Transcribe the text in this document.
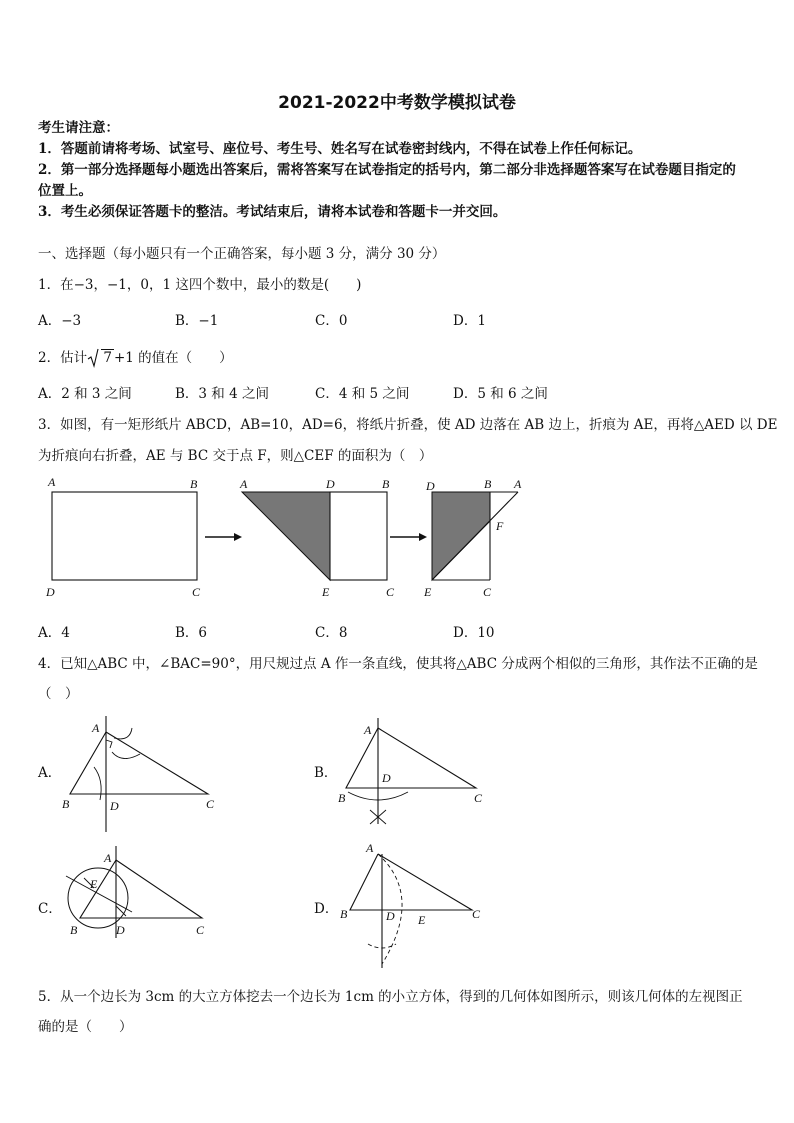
2021-2022中考数学模拟试卷
考生请注意：
1．答题前请将考场、试室号、座位号、考生号、姓名写在试卷密封线内，不得在试卷上作任何标记。
2．第一部分选择题每小题选出答案后，需将答案写在试卷指定的括号内，第二部分非选择题答案写在试卷题目指定的
位置上。
3．考生必须保证答题卡的整洁。考试结束后，请将本试卷和答题卡一并交回。
一、选择题（每小题只有一个正确答案，每小题 3 分，满分 30 分）
1．在−3，−1，0，1 这四个数中，最小的数是(　　)
A．−3	B．−1	C．0	D．1
2．估计 7 +1 的值在（　　）
A．2 和 3 之间	B．3 和 4 之间	C．4 和 5 之间	D．5 和 6 之间
3．如图，有一矩形纸片 ABCD，AB=10，AD=6，将纸片折叠，使 AD 边落在 AB 边上，折痕为 AE，再将△AED 以 DE
为折痕向右折叠，AE 与 BC 交于点 F，则△CEF 的面积为（　）
A	B
D	C
A	D	B
E	C
D	B A
F
E	C
A．4	B．6	C．8	D．10
4．已知△ABC 中，∠BAC=90°，用尺规过点 A 作一条直线，使其将△ABC 分成两个相似的三角形，其作法不正确的是
（　）
A．
A
B	D	C
B．
A
D
B	C
C．
A
E
B	D	C
D．
A
B	D E	C
5．从一个边长为 3cm 的大立方体挖去一个边长为 1cm 的小立方体，得到的几何体如图所示，则该几何体的左视图正
确的是（　　）
